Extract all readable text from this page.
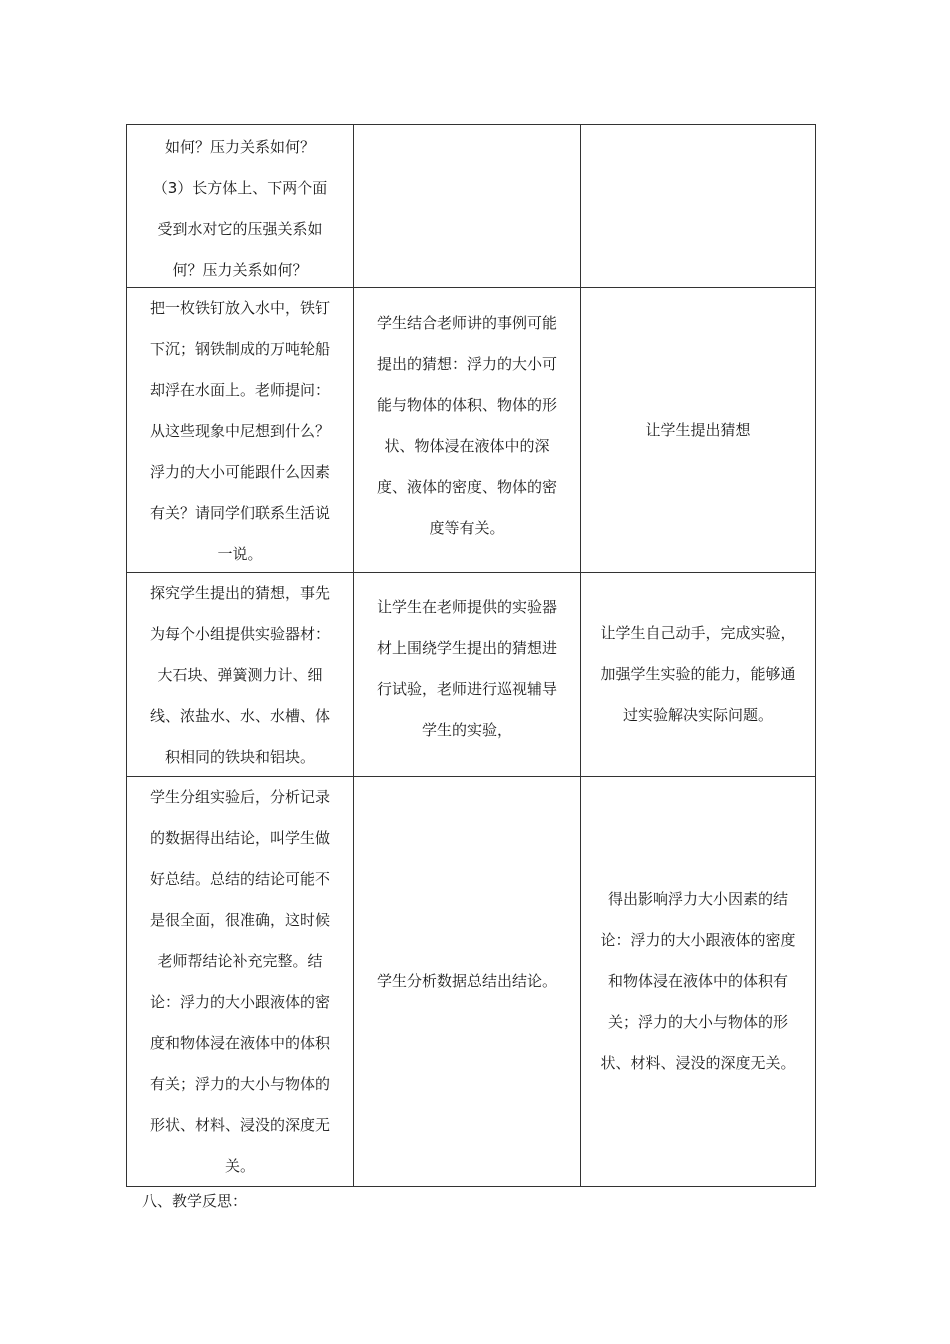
如何？压力关系如何？
（3）长方体上、下两个面
受到水对它的压强关系如
何？压力关系如何？
把一枚铁钉放入水中，铁钉
下沉；钢铁制成的万吨轮船
却浮在水面上。老师提问：
从这些现象中尼想到什么？
浮力的大小可能跟什么因素
有关？请同学们联系生活说
一说。
学生结合老师讲的事例可能
提出的猜想：浮力的大小可
能与物体的体积、物体的形
状、物体浸在液体中的深
度、液体的密度、物体的密
度等有关。
让学生提出猜想
探究学生提出的猜想，事先
为每个小组提供实验器材：
大石块、弹簧测力计、细
线、浓盐水、水、水槽、体
积相同的铁块和铝块。
让学生在老师提供的实验器
材上围绕学生提出的猜想进
行试验，老师进行巡视辅导
学生的实验，
让学生自己动手，完成实验，
加强学生实验的能力，能够通
过实验解决实际问题。
学生分组实验后，分析记录
的数据得出结论，叫学生做
好总结。总结的结论可能不
是很全面，很准确，这时候
老师帮结论补充完整。结
论：浮力的大小跟液体的密
度和物体浸在液体中的体积
有关；浮力的大小与物体的
形状、材料、浸没的深度无
关。
学生分析数据总结出结论。
得出影响浮力大小因素的结
论：浮力的大小跟液体的密度
和物体浸在液体中的体积有
关；浮力的大小与物体的形
状、材料、浸没的深度无关。
八、教学反思：
